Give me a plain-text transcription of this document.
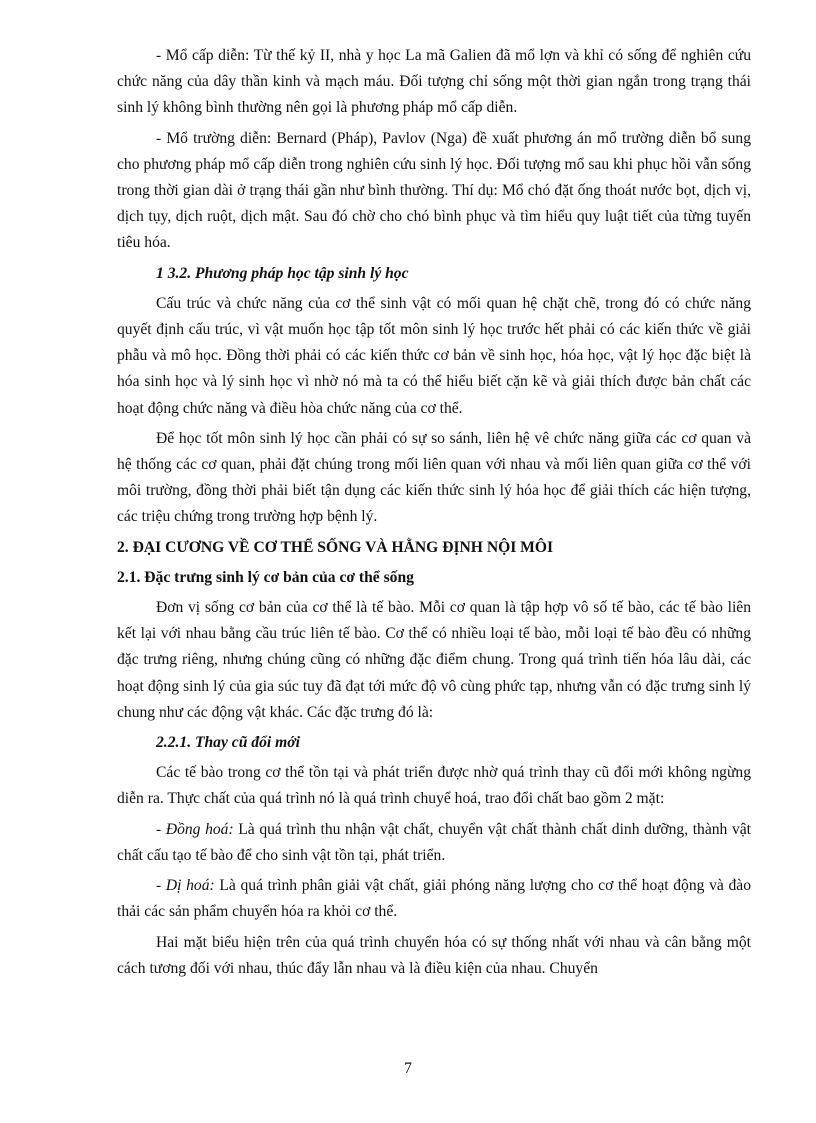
- Mổ cấp diễn: Từ thế kỷ II, nhà y học La mã Galien đã mổ lợn và khỉ có sống để nghiên cứu chức năng của dây thần kinh và mạch máu. Đối tượng chỉ sống một thời gian ngắn trong trạng thái sinh lý không bình thường nên gọi là phương pháp mổ cấp diễn.

- Mổ trường diễn: Bernard (Pháp), Pavlov (Nga) đề xuất phương án mổ trường diễn bổ sung cho phương pháp mổ cấp diễn trong nghiên cứu sinh lý học. Đối tượng mổ sau khi phục hồi vẫn sống trong thời gian dài ở trạng thái gần như bình thường. Thí dụ: Mổ chó đặt ống thoát nước bọt, dịch vị, dịch tụy, dịch ruột, dịch mật. Sau đó chờ cho chó bình phục và tìm hiểu quy luật tiết của từng tuyến tiêu hóa.

1 3.2. Phương pháp học tập sinh lý học

Cấu trúc và chức năng của cơ thể sinh vật có mối quan hệ chặt chẽ, trong đó có chức năng quyết định cấu trúc, vì vật muốn học tập tốt môn sinh lý học trước hết phải có các kiến thức về giải phẫu và mô học. Đồng thời phải có các kiến thức cơ bản về sinh học, hóa học, vật lý học đặc biệt là hóa sinh học và lý sinh học vì nhờ nó mà ta có thể hiểu biết cặn kẽ và giải thích được bản chất các hoạt động chức năng và điều hòa chức năng của cơ thể.

Để học tốt môn sinh lý học cần phải có sự so sánh, liên hệ vê chức năng giữa các cơ quan và hệ thống các cơ quan, phải đặt chúng trong mối liên quan với nhau và mối liên quan giữa cơ thể với môi trường, đồng thời phải biết tận dụng các kiến thức sinh lý hóa học để giải thích các hiện tượng, các triệu chứng trong trường hợp bệnh lý.

2. ĐẠI CƯƠNG VỀ CƠ THỂ SỐNG VÀ HẰNG ĐỊNH NỘI MÔI

2.1. Đặc trưng sinh lý cơ bản của cơ thể sống

Đơn vị sống cơ bản của cơ thể là tế bào. Mỗi cơ quan là tập hợp vô số tế bào, các tế bào liên kết lại với nhau bằng cầu trúc liên tế bào. Cơ thể có nhiều loại tế bào, mỗi loại tế bào đều có những đặc trưng riêng, nhưng chúng cũng có những đặc điểm chung. Trong quá trình tiến hóa lâu dài, các hoạt động sinh lý của gia súc tuy đã đạt tới mức độ vô cùng phức tạp, nhưng vẫn có đặc trưng sinh lý chung như các động vật khác. Các đặc trưng đó là:

2.2.1. Thay cũ đổi mới

Các tế bào trong cơ thể tồn tại và phát triển được nhờ quá trình thay cũ đổi mới không ngừng diễn ra. Thực chất của quá trình nó là quá trình chuyể hoá, trao đổi chất bao gồm 2 mặt:

- Đồng hoá: Là quá trình thu nhận vật chất, chuyển vật chất thành chất dinh dưỡng, thành vật chất cấu tạo tế bào để cho sinh vật tồn tại, phát triển.

- Dị hoá: Là quá trình phân giải vật chất, giải phóng năng lượng cho cơ thể hoạt động và đào thải các sản phẩm chuyển hóa ra khỏi cơ thể.

Hai mặt biểu hiện trên của quá trình chuyển hóa có sự thống nhất với nhau và cân bằng một cách tương đối với nhau, thúc đẩy lẫn nhau và là điều kiện của nhau. Chuyển

7
